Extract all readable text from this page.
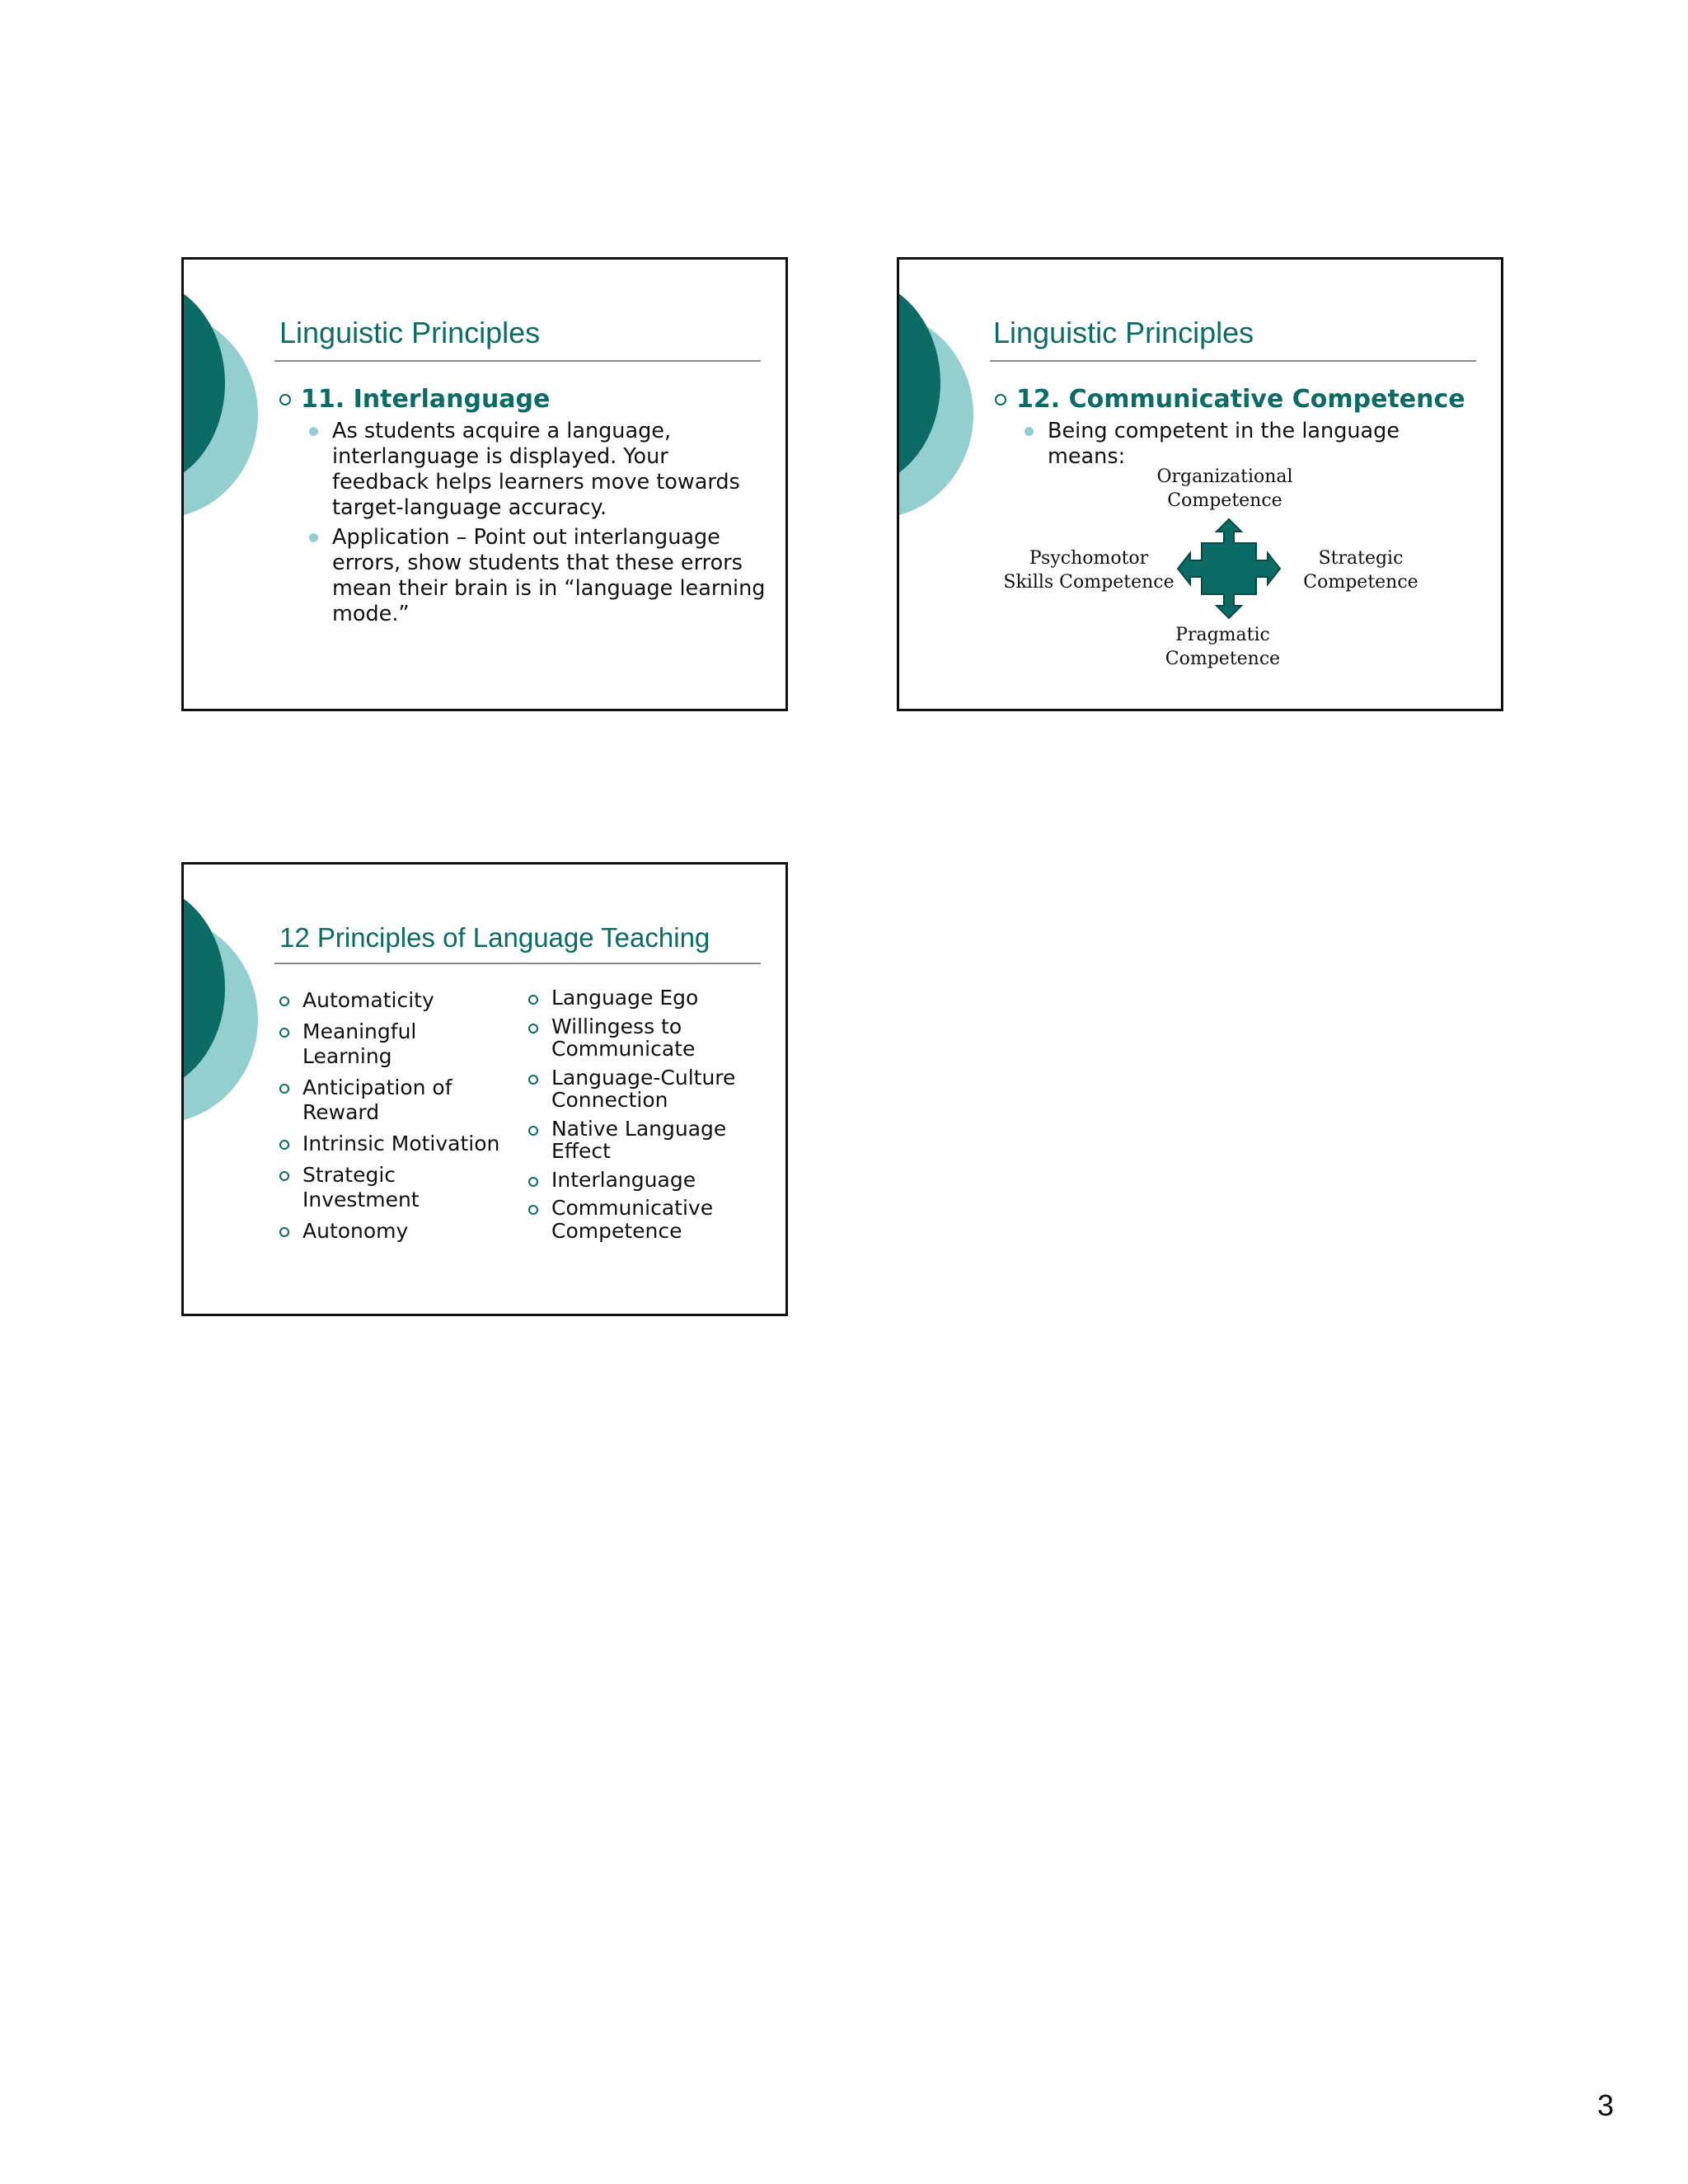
Linguistic Principles
11. Interlanguage
As students acquire a language, interlanguage is displayed. Your feedback helps learners move towards target-language accuracy.
Application – Point out interlanguage errors, show students that these errors mean their brain is in “language learning mode.”
Linguistic Principles
12. Communicative Competence
Being competent in the language means:
Organizational
Competence
Psychomotor
Skills Competence
Strategic
Competence
Pragmatic
Competence
12 Principles of Language Teaching
Automaticity
Meaningful Learning
Anticipation of Reward
Intrinsic Motivation
Strategic Investment
Autonomy
Language Ego
Willingess to Communicate
Language-Culture Connection
Native Language Effect
Interlanguage
Communicative Competence
3
